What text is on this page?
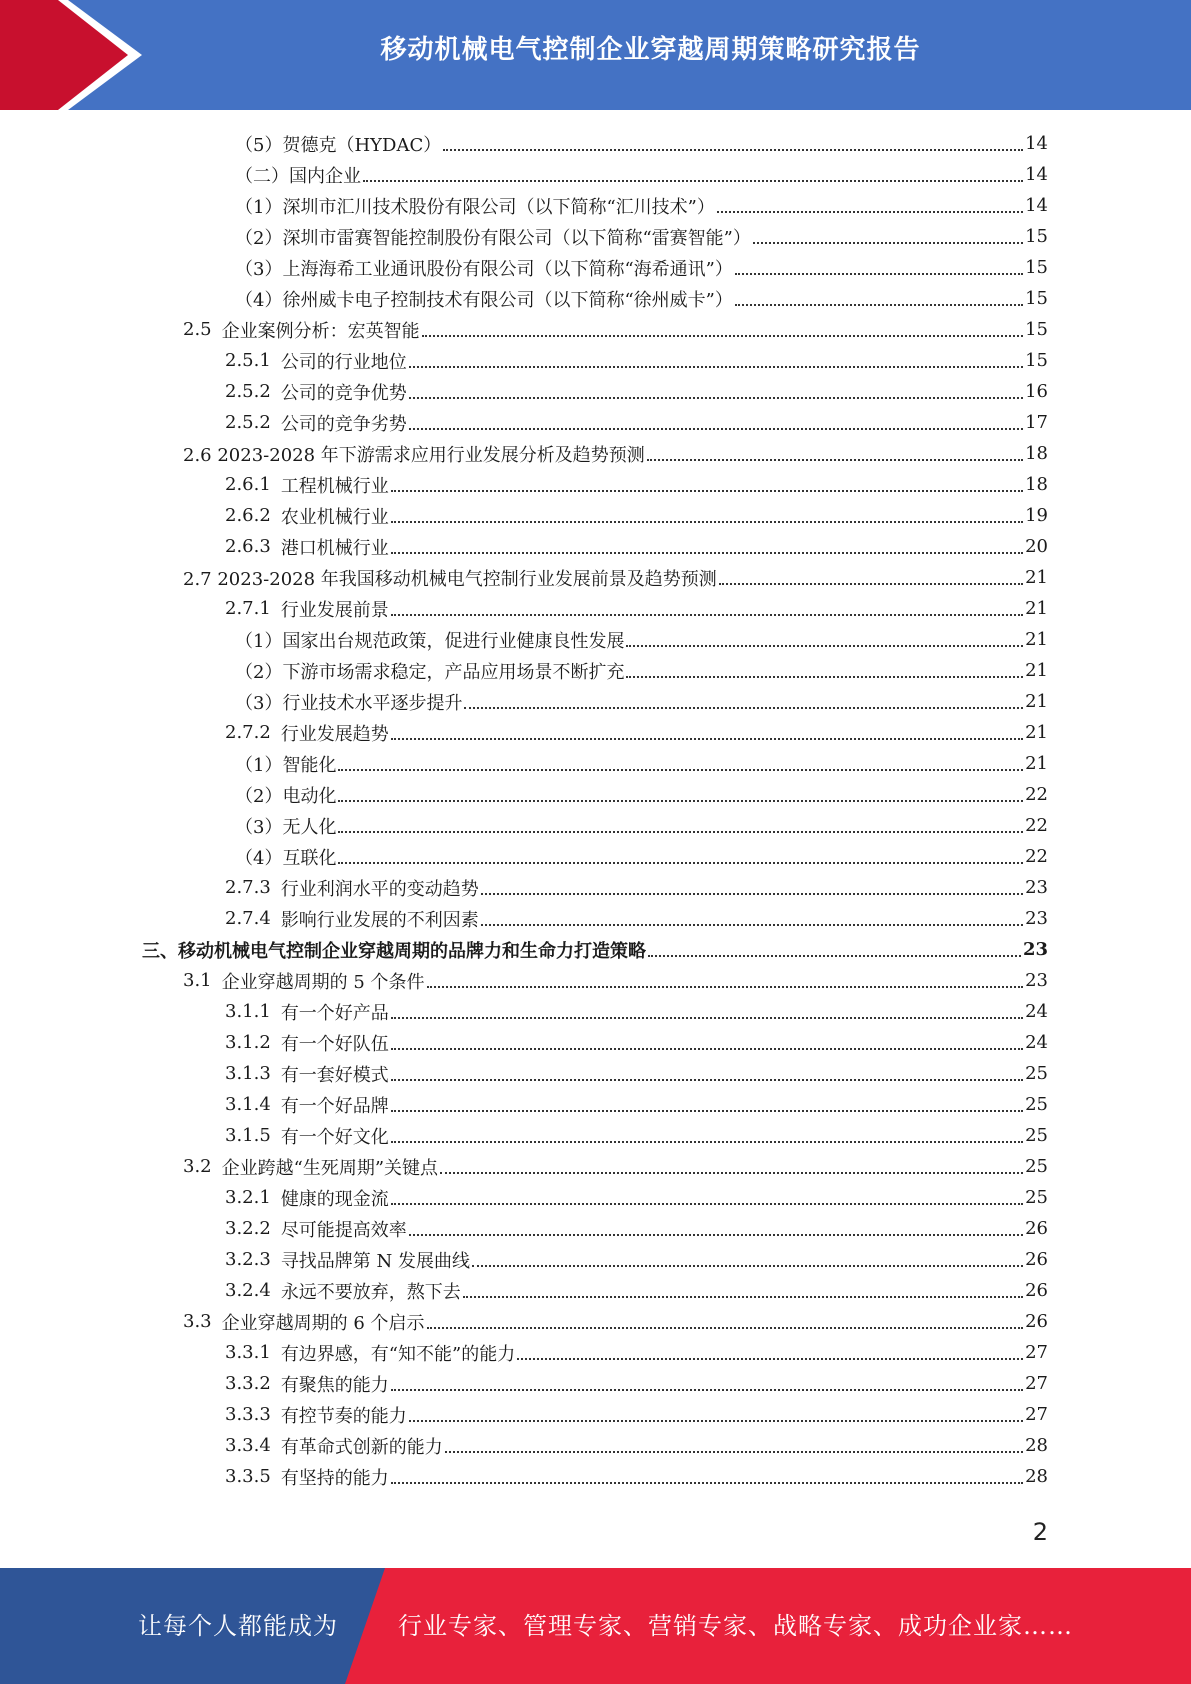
移动机械电气控制企业穿越周期策略研究报告
（5）贺德克（HYDAC）	14
（二）国内企业	14
（1）深圳市汇川技术股份有限公司（以下简称“汇川技术”）	14
（2）深圳市雷赛智能控制股份有限公司（以下简称“雷赛智能”）	15
（3）上海海希工业通讯股份有限公司（以下简称“海希通讯”）	15
（4）徐州威卡电子控制技术有限公司（以下简称“徐州威卡”）	15
2.5 企业案例分析：宏英智能	15
2.5.1 公司的行业地位	15
2.5.2 公司的竞争优势	16
2.5.2 公司的竞争劣势	17
2.6 2023-2028 年下游需求应用行业发展分析及趋势预测	18
2.6.1 工程机械行业	18
2.6.2 农业机械行业	19
2.6.3 港口机械行业	20
2.7 2023-2028 年我国移动机械电气控制行业发展前景及趋势预测	21
2.7.1 行业发展前景	21
（1）国家出台规范政策，促进行业健康良性发展	21
（2）下游市场需求稳定，产品应用场景不断扩充	21
（3）行业技术水平逐步提升	21
2.7.2 行业发展趋势	21
（1）智能化	21
（2）电动化	22
（3）无人化	22
（4）互联化	22
2.7.3 行业利润水平的变动趋势	23
2.7.4 影响行业发展的不利因素	23
三、移动机械电气控制企业穿越周期的品牌力和生命力打造策略	23
3.1 企业穿越周期的 5 个条件	23
3.1.1 有一个好产品	24
3.1.2 有一个好队伍	24
3.1.3 有一套好模式	25
3.1.4 有一个好品牌	25
3.1.5 有一个好文化	25
3.2 企业跨越“生死周期”关键点	25
3.2.1 健康的现金流	25
3.2.2 尽可能提高效率	26
3.2.3 寻找品牌第 N 发展曲线	26
3.2.4 永远不要放弃，熬下去	26
3.3 企业穿越周期的 6 个启示	26
3.3.1 有边界感，有“知不能”的能力	27
3.3.2 有聚焦的能力	27
3.3.3 有控节奏的能力	27
3.3.4 有革命式创新的能力	28
3.3.5 有坚持的能力	28
2
让每个人都能成为	行业专家、管理专家、营销专家、战略专家、成功企业家……
